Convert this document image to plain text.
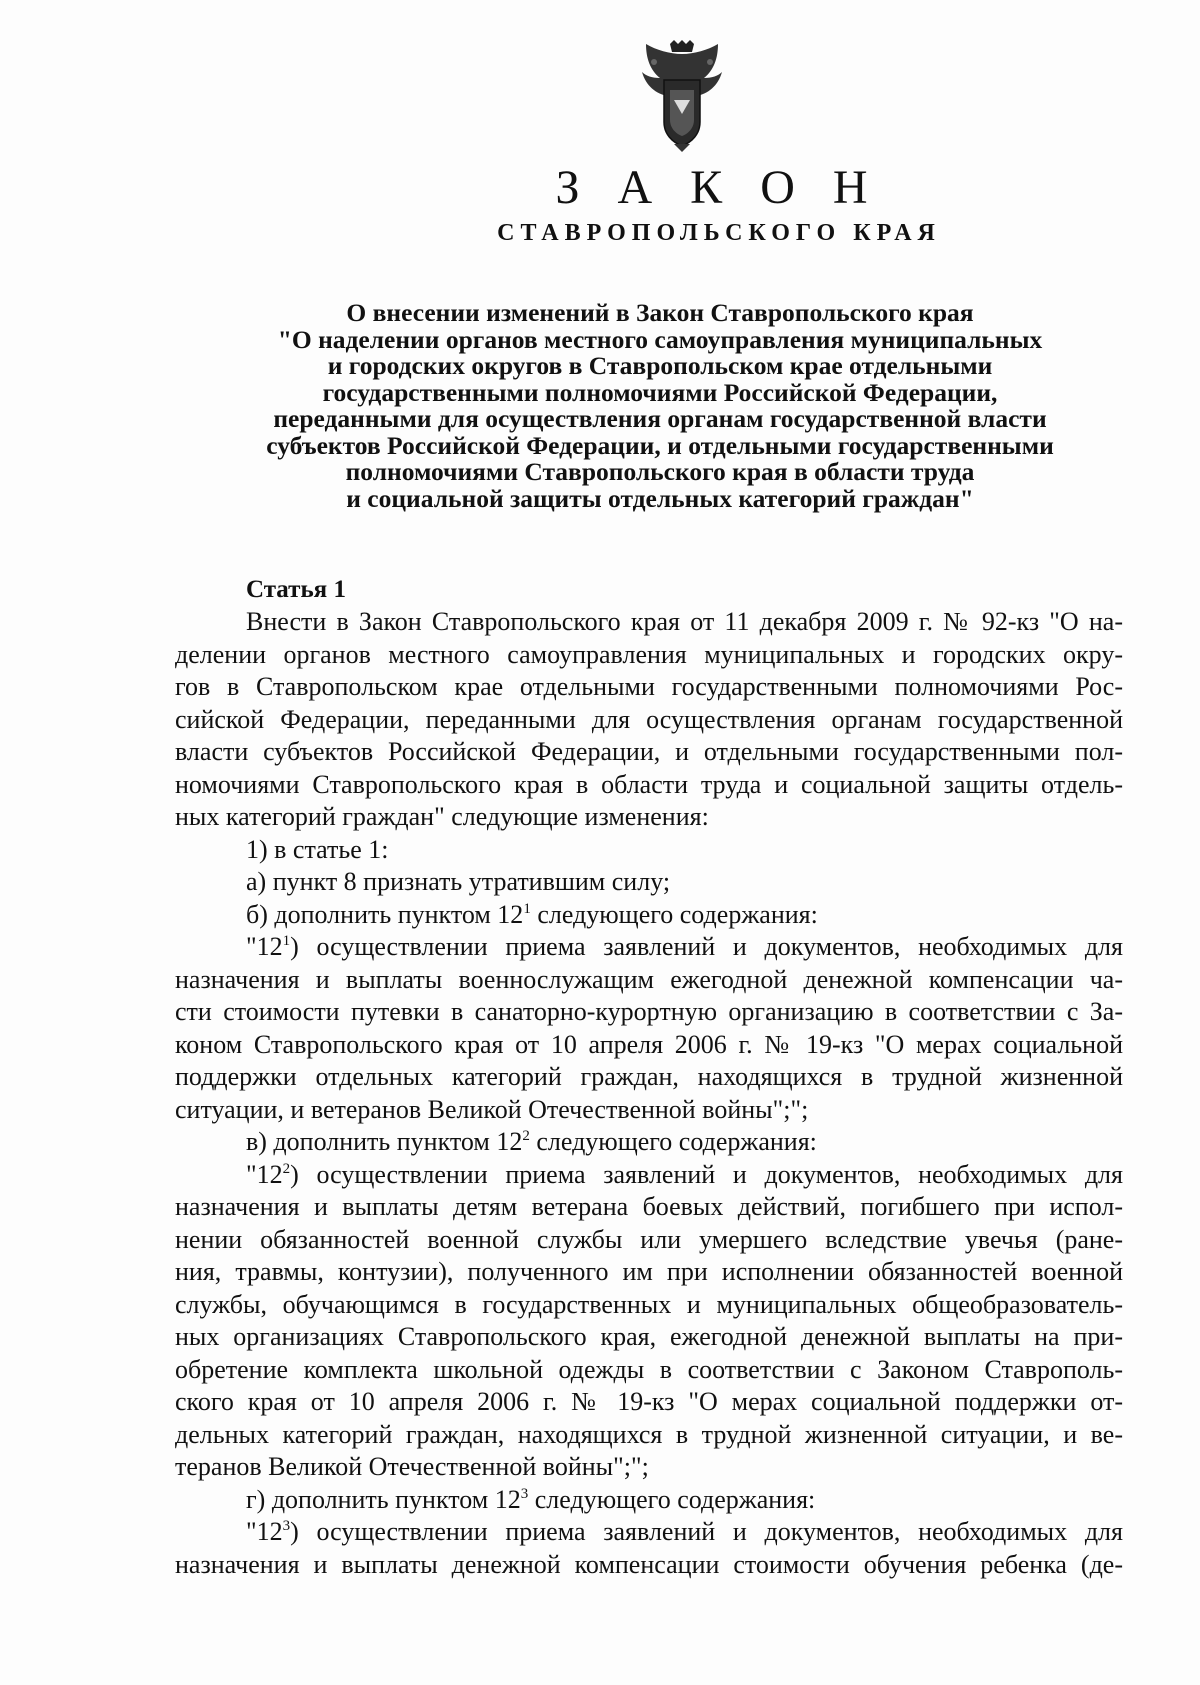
З А К О Н
СТАВРОПОЛЬСКОГО КРАЯ
О внесении изменений в Закон Ставропольского края
"О наделении органов местного самоуправления муниципальных
и городских округов в Ставропольском крае отдельными
государственными полномочиями Российской Федерации,
переданными для осуществления органам государственной власти
субъектов Российской Федерации, и отдельными государственными
полномочиями Ставропольского края в области труда
и социальной защиты отдельных категорий граждан"
Статья 1

Внести в Закон Ставропольского края от 11 декабря 2009 г. № 92-кз "О на-

делении органов местного самоуправления муниципальных и городских окру-

гов в Ставропольском крае отдельными государственными полномочиями Рос-

сийской Федерации, переданными для осуществления органам государственной

власти субъектов Российской Федерации, и отдельными государственными пол-

номочиями Ставропольского края в области труда и социальной защиты отдель-

ных категорий граждан" следующие изменения:

1) в статье 1:

а) пункт 8 признать утратившим силу;

б) дополнить пунктом $12^1$ следующего содержания:

"$12^1$) осуществлении приема заявлений и документов, необходимых для

назначения и выплаты военнослужащим ежегодной денежной компенсации ча-

сти стоимости путевки в санаторно-курортную организацию в соответствии с За-

коном Ставропольского края от 10 апреля 2006 г. № 19-кз "О мерах социальной

поддержки отдельных категорий граждан, находящихся в трудной жизненной

ситуации, и ветеранов Великой Отечественной войны";";

в) дополнить пунктом $12^2$ следующего содержания:

"$12^2$) осуществлении приема заявлений и документов, необходимых для

назначения и выплаты детям ветерана боевых действий, погибшего при испол-

нении обязанностей военной службы или умершего вследствие увечья (ране-

ния, травмы, контузии), полученного им при исполнении обязанностей военной

службы, обучающимся в государственных и муниципальных общеобразователь-

ных организациях Ставропольского края, ежегодной денежной выплаты на при-

обретение комплекта школьной одежды в соответствии с Законом Ставрополь-

ского края от 10 апреля 2006 г. № 19-кз "О мерах социальной поддержки от-

дельных категорий граждан, находящихся в трудной жизненной ситуации, и ве-

теранов Великой Отечественной войны";";

г) дополнить пунктом $12^3$ следующего содержания:

"$12^3$) осуществлении приема заявлений и документов, необходимых для

назначения и выплаты денежной компенсации стоимости обучения ребенка (де-
